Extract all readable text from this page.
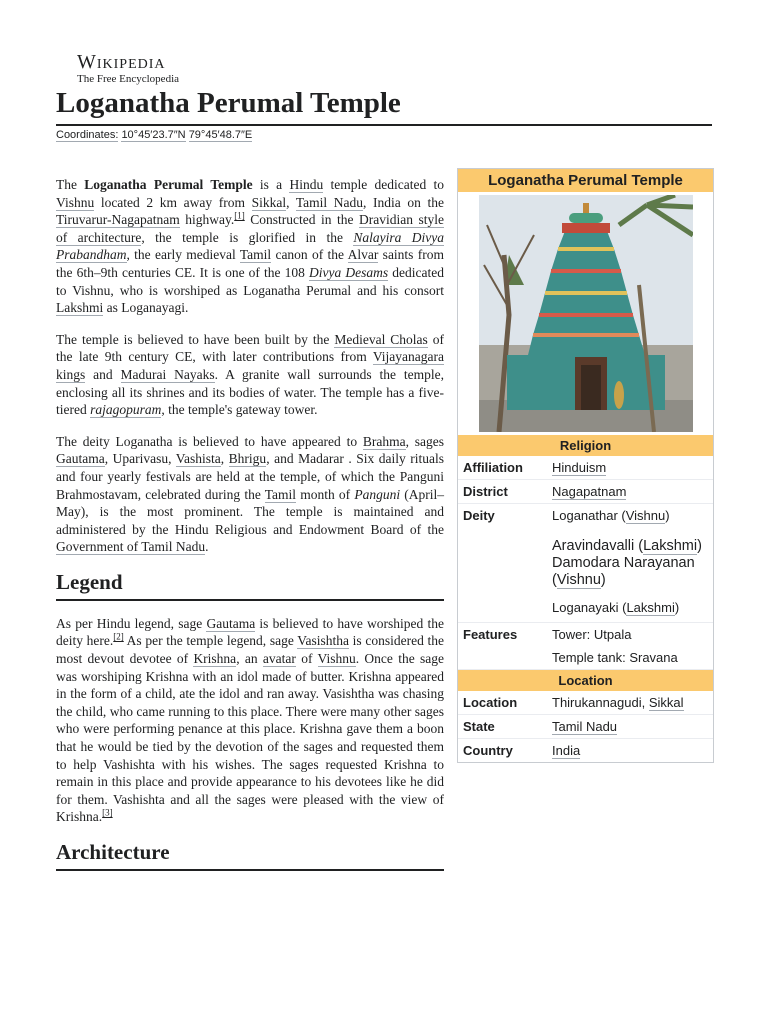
Wikipedia
The Free Encyclopedia
Loganatha Perumal Temple
Coordinates: 10°45′23.7″N 79°45′48.7″E

The Loganatha Perumal Temple is a Hindu temple dedicated to Vishnu located 2 km away from Sikkal, Tamil Nadu, India on the Tiruvarur-Nagapatnam highway.[1] Constructed in the Dravidian style of architecture, the temple is glorified in the Nalayira Divya Prabandham, the early medieval Tamil canon of the Alvar saints from the 6th–9th centuries CE. It is one of the 108 Divya Desams dedicated to Vishnu, who is worshiped as Loganatha Perumal and his consort Lakshmi as Loganayagi.

The temple is believed to have been built by the Medieval Cholas of the late 9th century CE, with later contributions from Vijayanagara kings and Madurai Nayaks. A granite wall surrounds the temple, enclosing all its shrines and its bodies of water. The temple has a five-tiered rajagopuram, the temple's gateway tower.

The deity Loganatha is believed to have appeared to Brahma, sages Gautama, Uparivasu, Vashista, Bhrigu, and Madarar . Six daily rituals and four yearly festivals are held at the temple, of which the Panguni Brahmostavam, celebrated during the Tamil month of Panguni (April–May), is the most prominent. The temple is maintained and administered by the Hindu Religious and Endowment Board of the Government of Tamil Nadu.

Legend

As per Hindu legend, sage Gautama is believed to have worshiped the deity here.[2] As per the temple legend, sage Vasishtha is considered the most devout devotee of Krishna, an avatar of Vishnu. Once the sage was worshiping Krishna with an idol made of butter. Krishna appeared in the form of a child, ate the idol and ran away. Vasishtha was chasing the child, who came running to this place. There were many other sages who were performing penance at this place. Krishna gave them a boon that he would be tied by the devotion of the sages and requested them to help Vashishta with his wishes. The sages requested Krishna to remain in this place and provide appearance to his devotees like he did for them. Vashishta and all the sages were pleased with the view of Krishna.[3]

Architecture
Loganatha Perumal Temple
Religion
Affiliation	Hinduism
District	Nagapatnam
Deity	Loganathar (Vishnu)
Aravindavalli (Lakshmi) Damodara Narayanan (Vishnu)
Loganayaki (Lakshmi)
Features	Tower: Utpala
Temple tank: Sravana
Location
Location	Thirukannagudi, Sikkal
State	Tamil Nadu
Country	India
